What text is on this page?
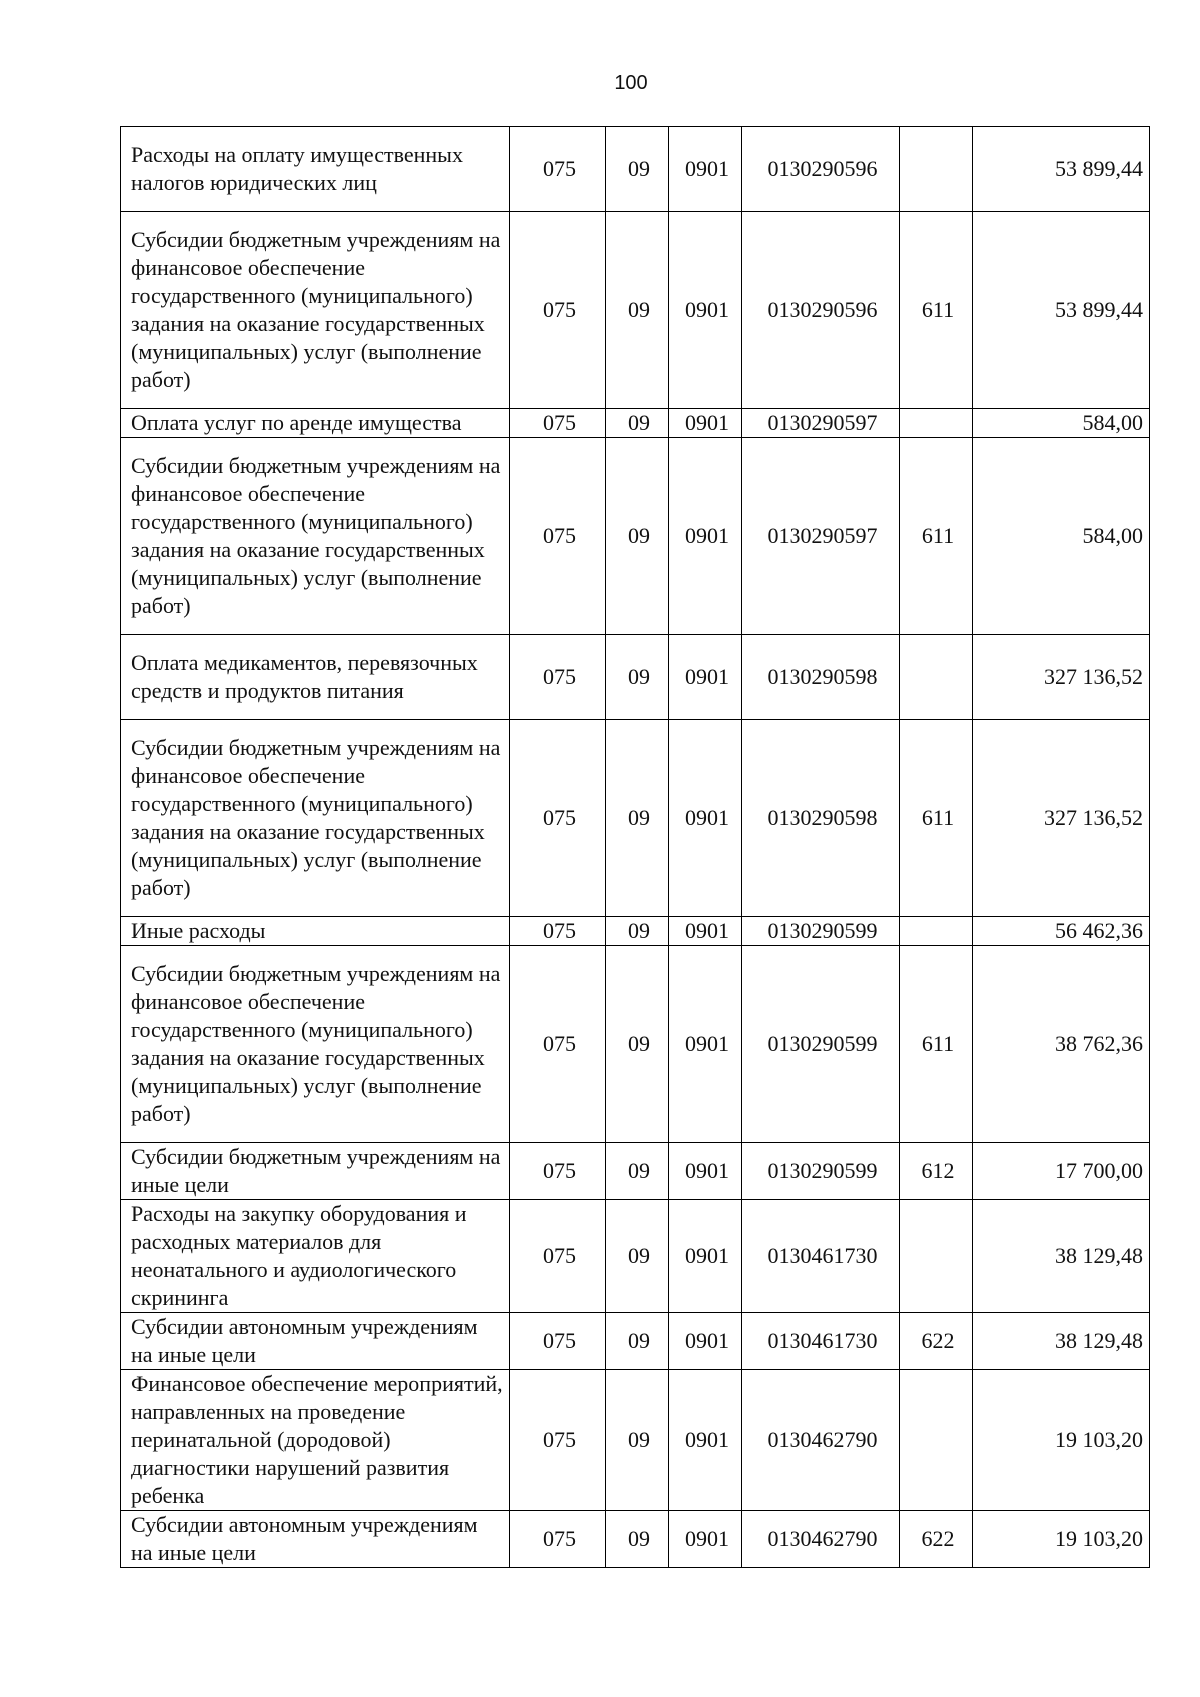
100
Расходы на оплату имущественных налогов юридических лиц	075	09	0901	0130290596		53 899,44
Субсидии бюджетным учреждениям на финансовое обеспечение государственного (муниципального) задания на оказание государственных (муниципальных) услуг (выполнение работ)	075	09	0901	0130290596	611	53 899,44
Оплата услуг по аренде имущества	075	09	0901	0130290597		584,00
Субсидии бюджетным учреждениям на финансовое обеспечение государственного (муниципального) задания на оказание государственных (муниципальных) услуг (выполнение работ)	075	09	0901	0130290597	611	584,00
Оплата медикаментов, перевязочных средств и продуктов питания	075	09	0901	0130290598		327 136,52
Субсидии бюджетным учреждениям на финансовое обеспечение государственного (муниципального) задания на оказание государственных (муниципальных) услуг (выполнение работ)	075	09	0901	0130290598	611	327 136,52
Иные расходы	075	09	0901	0130290599		56 462,36
Субсидии бюджетным учреждениям на финансовое обеспечение государственного (муниципального) задания на оказание государственных (муниципальных) услуг (выполнение работ)	075	09	0901	0130290599	611	38 762,36
Субсидии бюджетным учреждениям на иные цели	075	09	0901	0130290599	612	17 700,00
Расходы на закупку оборудования и расходных материалов для неонатального и аудиологического скрининга	075	09	0901	0130461730		38 129,48
Субсидии автономным учреждениям на иные цели	075	09	0901	0130461730	622	38 129,48
Финансовое обеспечение мероприятий, направленных на проведение перинатальной (дородовой) диагностики нарушений развития ребенка	075	09	0901	0130462790		19 103,20
Субсидии автономным учреждениям на иные цели	075	09	0901	0130462790	622	19 103,20
